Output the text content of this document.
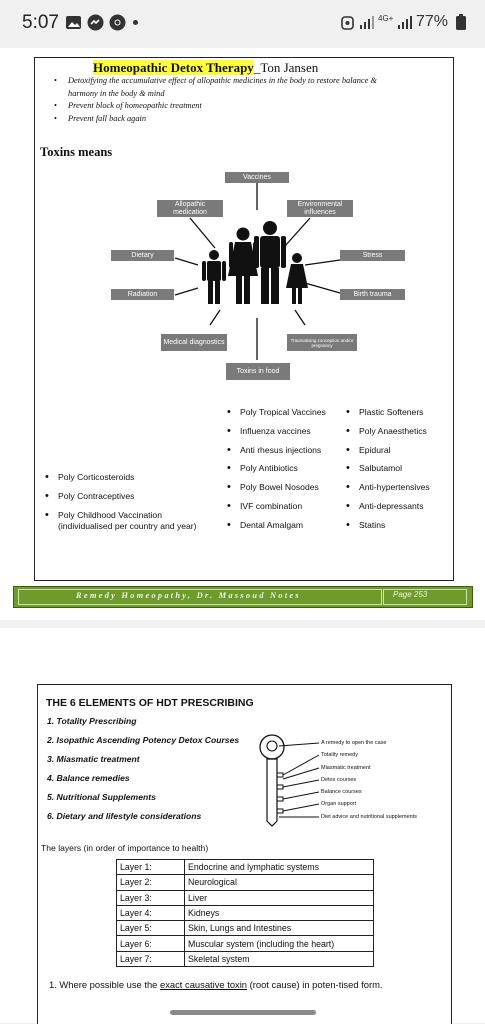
5:07	4G+ 77%
Homeopathic Detox Therapy_Ton Jansen
• Detoxifying the accumulative effect of allopathic medicines in the body to restore balance &
harmony in the body & mind
• Prevent block of homeopathic treatment
• Prevent fall back again
Toxins means
Vaccines
Allopathic medication
Environmental influences
Dietary	Stress
Radiation	Birth trauma
Medical diagnostics	Traumatising conception and/or pregnancy
Toxins in food
• Poly Corticosteroids
• Poly Contraceptives
• Poly Childhood Vaccination
(individualised per country and year)
• Poly Tropical Vaccines
• Influenza vaccines
• Anti rhesus injections
• Poly Antibiotics
• Poly Bowel Nosodes
• IVF combination
• Dental Amalgam
• Plastic Softeners
• Poly Anaesthetics
• Epidural
• Salbutamol
• Anti-hypertensives
• Anti-depressants
• Statins
Remedy Homeopathy, Dr. Massoud Notes	Page 253
THE 6 ELEMENTS OF HDT PRESCRIBING
1. Totality Prescribing
2. Isopathic Ascending Potency Detox Courses
3. Miasmatic treatment
4. Balance remedies
5. Nutritional Supplements
6. Dietary and lifestyle considerations
A remedy to open the case
Totality remedy
Miasmatic treatment
Detox courses
Balance courses
Organ support
Diet advice and nutritional supplements
The layers (in order of importance to health)
Layer 1:	Endocrine and lymphatic systems
Layer 2:	Neurological
Layer 3:	Liver
Layer 4:	Kidneys
Layer 5:	Skin, Lungs and Intestines
Layer 6:	Muscular system (including the heart)
Layer 7:	Skeletal system
1. Where possible use the exact causative toxin (root cause) in poten-tised form.
